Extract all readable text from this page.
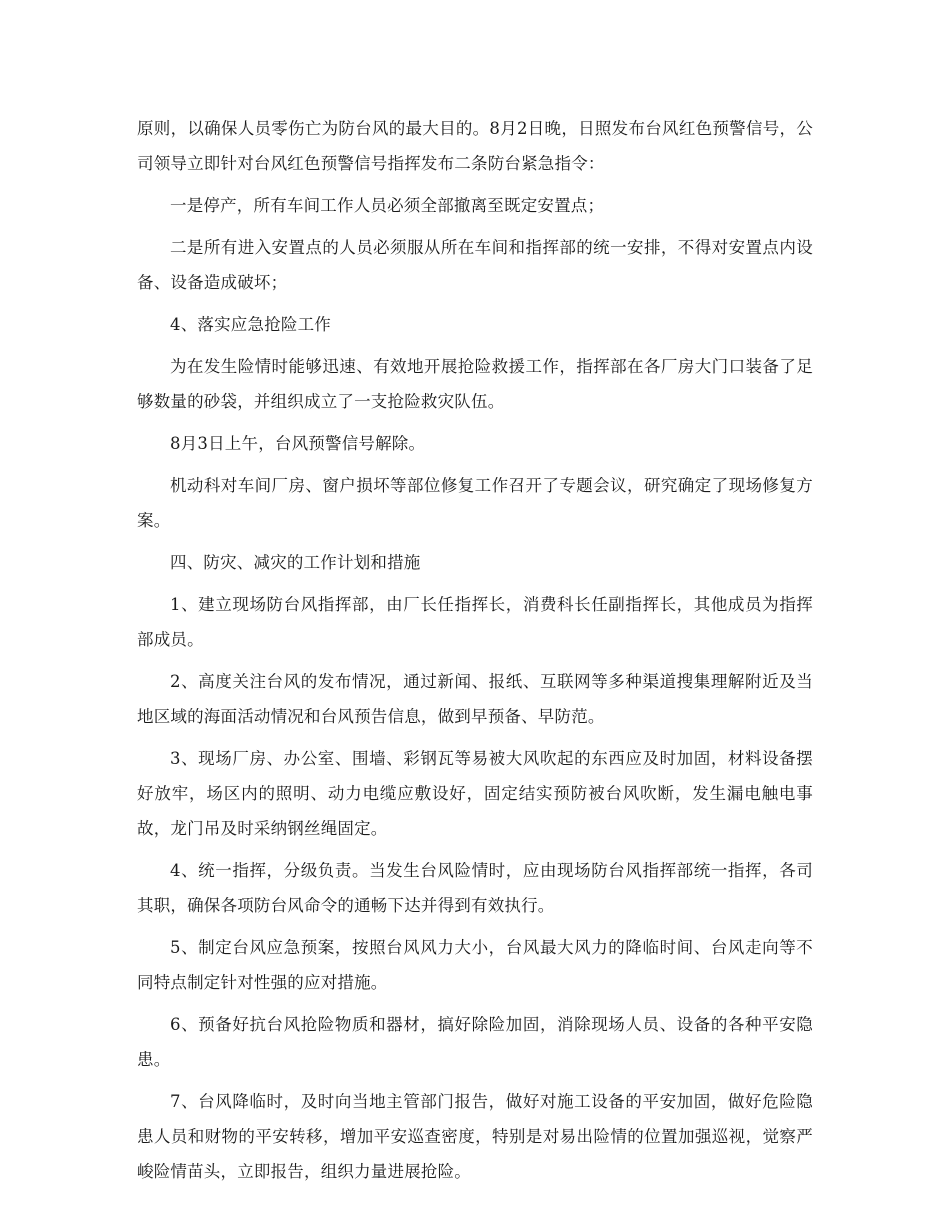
原则，以确保人员零伤亡为防台风的最大目的。8月2日晚，日照发布台风红色预警信号，公司领导立即针对台风红色预警信号指挥发布二条防台紧急指令：

一是停产，所有车间工作人员必须全部撤离至既定安置点；

二是所有进入安置点的人员必须服从所在车间和指挥部的统一安排，不得对安置点内设备、设备造成破坏；

4、落实应急抢险工作

为在发生险情时能够迅速、有效地开展抢险救援工作，指挥部在各厂房大门口装备了足够数量的砂袋，并组织成立了一支抢险救灾队伍。

8月3日上午，台风预警信号解除。

机动科对车间厂房、窗户损坏等部位修复工作召开了专题会议，研究确定了现场修复方案。

四、防灾、减灾的工作计划和措施

1、建立现场防台风指挥部，由厂长任指挥长，消费科长任副指挥长，其他成员为指挥部成员。

2、高度关注台风的发布情况，通过新闻、报纸、互联网等多种渠道搜集理解附近及当地区域的海面活动情况和台风预告信息，做到早预备、早防范。

3、现场厂房、办公室、围墙、彩钢瓦等易被大风吹起的东西应及时加固，材料设备摆好放牢，场区内的照明、动力电缆应敷设好，固定结实预防被台风吹断，发生漏电触电事故，龙门吊及时采纳钢丝绳固定。

4、统一指挥，分级负责。当发生台风险情时，应由现场防台风指挥部统一指挥，各司其职，确保各项防台风命令的通畅下达并得到有效执行。

5、制定台风应急预案，按照台风风力大小，台风最大风力的降临时间、台风走向等不同特点制定针对性强的应对措施。

6、预备好抗台风抢险物质和器材，搞好除险加固，消除现场人员、设备的各种平安隐患。

7、台风降临时，及时向当地主管部门报告，做好对施工设备的平安加固，做好危险隐患人员和财物的平安转移，增加平安巡查密度，特别是对易出险情的位置加强巡视，觉察严峻险情苗头，立即报告，组织力量进展抢险。
